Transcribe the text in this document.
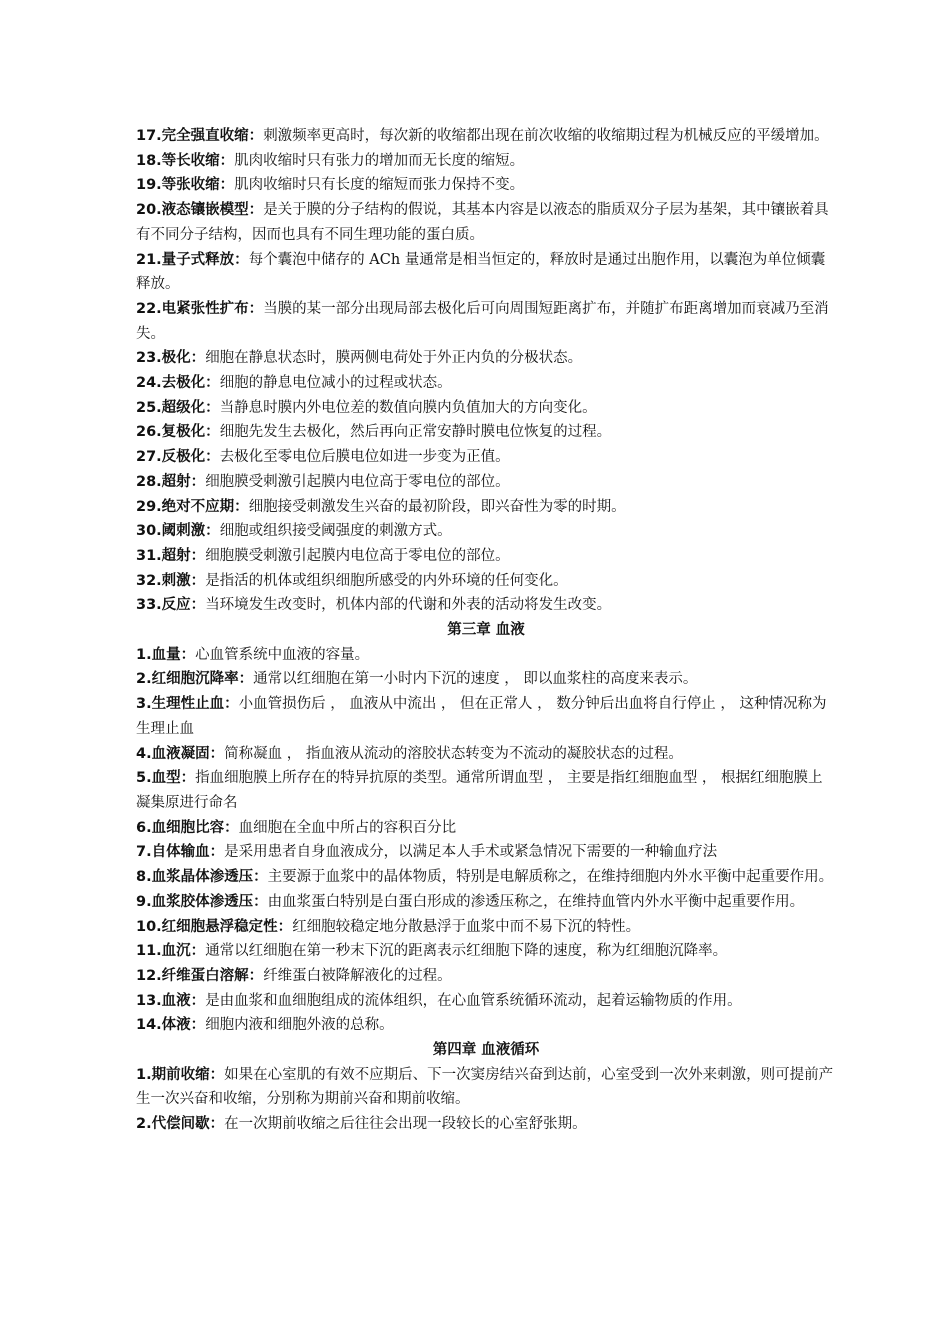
17.完全强直收缩：刺激频率更高时，每次新的收缩都出现在前次收缩的收缩期过程为机械反应的平缓增加。

18.等长收缩：肌肉收缩时只有张力的增加而无长度的缩短。

19.等张收缩：肌肉收缩时只有长度的缩短而张力保持不变。

20.液态镶嵌模型：是关于膜的分子结构的假说，其基本内容是以液态的脂质双分子层为基架，其中镶嵌着具有不同分子结构，因而也具有不同生理功能的蛋白质。

21.量子式释放：每个囊泡中储存的 ACh 量通常是相当恒定的，释放时是通过出胞作用，以囊泡为单位倾囊释放。

22.电紧张性扩布：当膜的某一部分出现局部去极化后可向周围短距离扩布，并随扩布距离增加而衰减乃至消失。

23.极化：细胞在静息状态时，膜两侧电荷处于外正内负的分极状态。

24.去极化：细胞的静息电位减小的过程或状态。

25.超级化：当静息时膜内外电位差的数值向膜内负值加大的方向变化。

26.复极化：细胞先发生去极化，然后再向正常安静时膜电位恢复的过程。

27.反极化：去极化至零电位后膜电位如进一步变为正值。

28.超射：细胞膜受刺激引起膜内电位高于零电位的部位。

29.绝对不应期：细胞接受刺激发生兴奋的最初阶段，即兴奋性为零的时期。

30.阈刺激：细胞或组织接受阈强度的刺激方式。

31.超射：细胞膜受刺激引起膜内电位高于零电位的部位。

32.刺激：是指活的机体或组织细胞所感受的内外环境的任何变化。

33.反应：当环境发生改变时，机体内部的代谢和外表的活动将发生改变。

第三章 血液

1.血量：心血管系统中血液的容量。

2.红细胞沉降率：通常以红细胞在第一小时内下沉的速度 ， 即以血浆柱的高度来表示。

3.生理性止血：小血管损伤后 ， 血液从中流出 ， 但在正常人 ， 数分钟后出血将自行停止 ， 这种情况称为生理止血

4.血液凝固：简称凝血 ， 指血液从流动的溶胶状态转变为不流动的凝胶状态的过程。

5.血型：指血细胞膜上所存在的特异抗原的类型。通常所谓血型 ， 主要是指红细胞血型 ， 根据红细胞膜上凝集原进行命名

6.血细胞比容：血细胞在全血中所占的容积百分比

7.自体输血：是采用患者自身血液成分，以满足本人手术或紧急情况下需要的一种输血疗法

8.血浆晶体渗透压：主要源于血浆中的晶体物质，特别是电解质称之，在维持细胞内外水平衡中起重要作用。

9.血浆胶体渗透压：由血浆蛋白特别是白蛋白形成的渗透压称之，在维持血管内外水平衡中起重要作用。

10.红细胞悬浮稳定性：红细胞较稳定地分散悬浮于血浆中而不易下沉的特性。

11.血沉：通常以红细胞在第一秒末下沉的距离表示红细胞下降的速度，称为红细胞沉降率。

12.纤维蛋白溶解：纤维蛋白被降解液化的过程。

13.血液：是由血浆和血细胞组成的流体组织，在心血管系统循环流动，起着运输物质的作用。

14.体液：细胞内液和细胞外液的总称。

第四章 血液循环

1.期前收缩：如果在心室肌的有效不应期后、下一次窦房结兴奋到达前，心室受到一次外来刺激，则可提前产生一次兴奋和收缩，分别称为期前兴奋和期前收缩。

2.代偿间歇：在一次期前收缩之后往往会出现一段较长的心室舒张期。
